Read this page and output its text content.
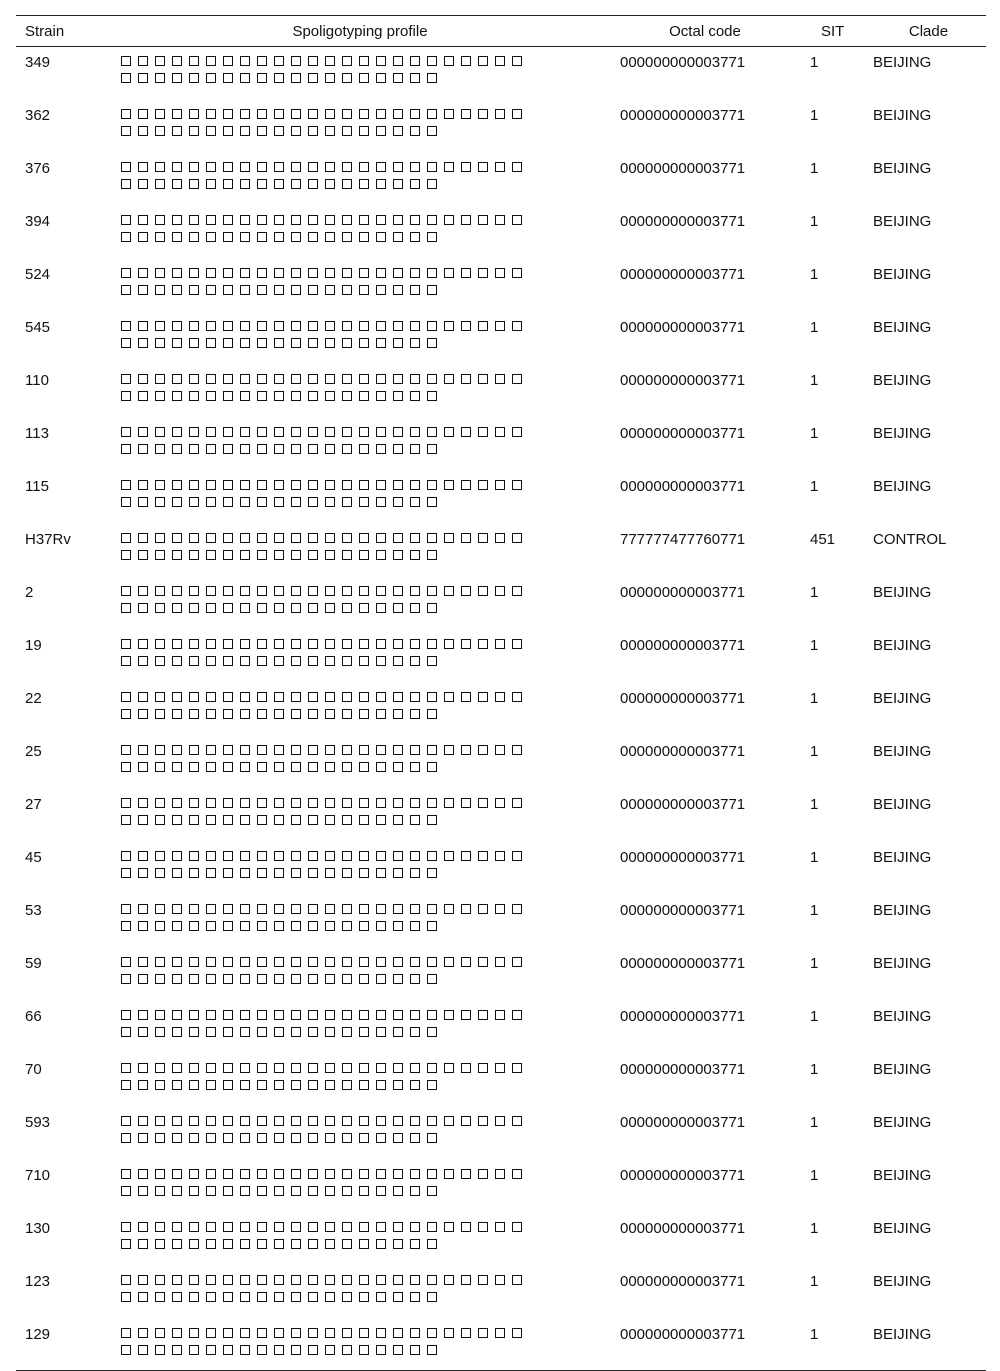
Strain	Spoligotyping profile	Octal code	SIT	Clade
349		000000000003771	1	BEIJING
362		000000000003771	1	BEIJING
376		000000000003771	1	BEIJING
394		000000000003771	1	BEIJING
524		000000000003771	1	BEIJING
545		000000000003771	1	BEIJING
110		000000000003771	1	BEIJING
113		000000000003771	1	BEIJING
115		000000000003771	1	BEIJING
H37Rv		777777477760771	451	CONTROL
2		000000000003771	1	BEIJING
19		000000000003771	1	BEIJING
22		000000000003771	1	BEIJING
25		000000000003771	1	BEIJING
27		000000000003771	1	BEIJING
45		000000000003771	1	BEIJING
53		000000000003771	1	BEIJING
59		000000000003771	1	BEIJING
66		000000000003771	1	BEIJING
70		000000000003771	1	BEIJING
593		000000000003771	1	BEIJING
710		000000000003771	1	BEIJING
130		000000000003771	1	BEIJING
123		000000000003771	1	BEIJING
129		000000000003771	1	BEIJING
